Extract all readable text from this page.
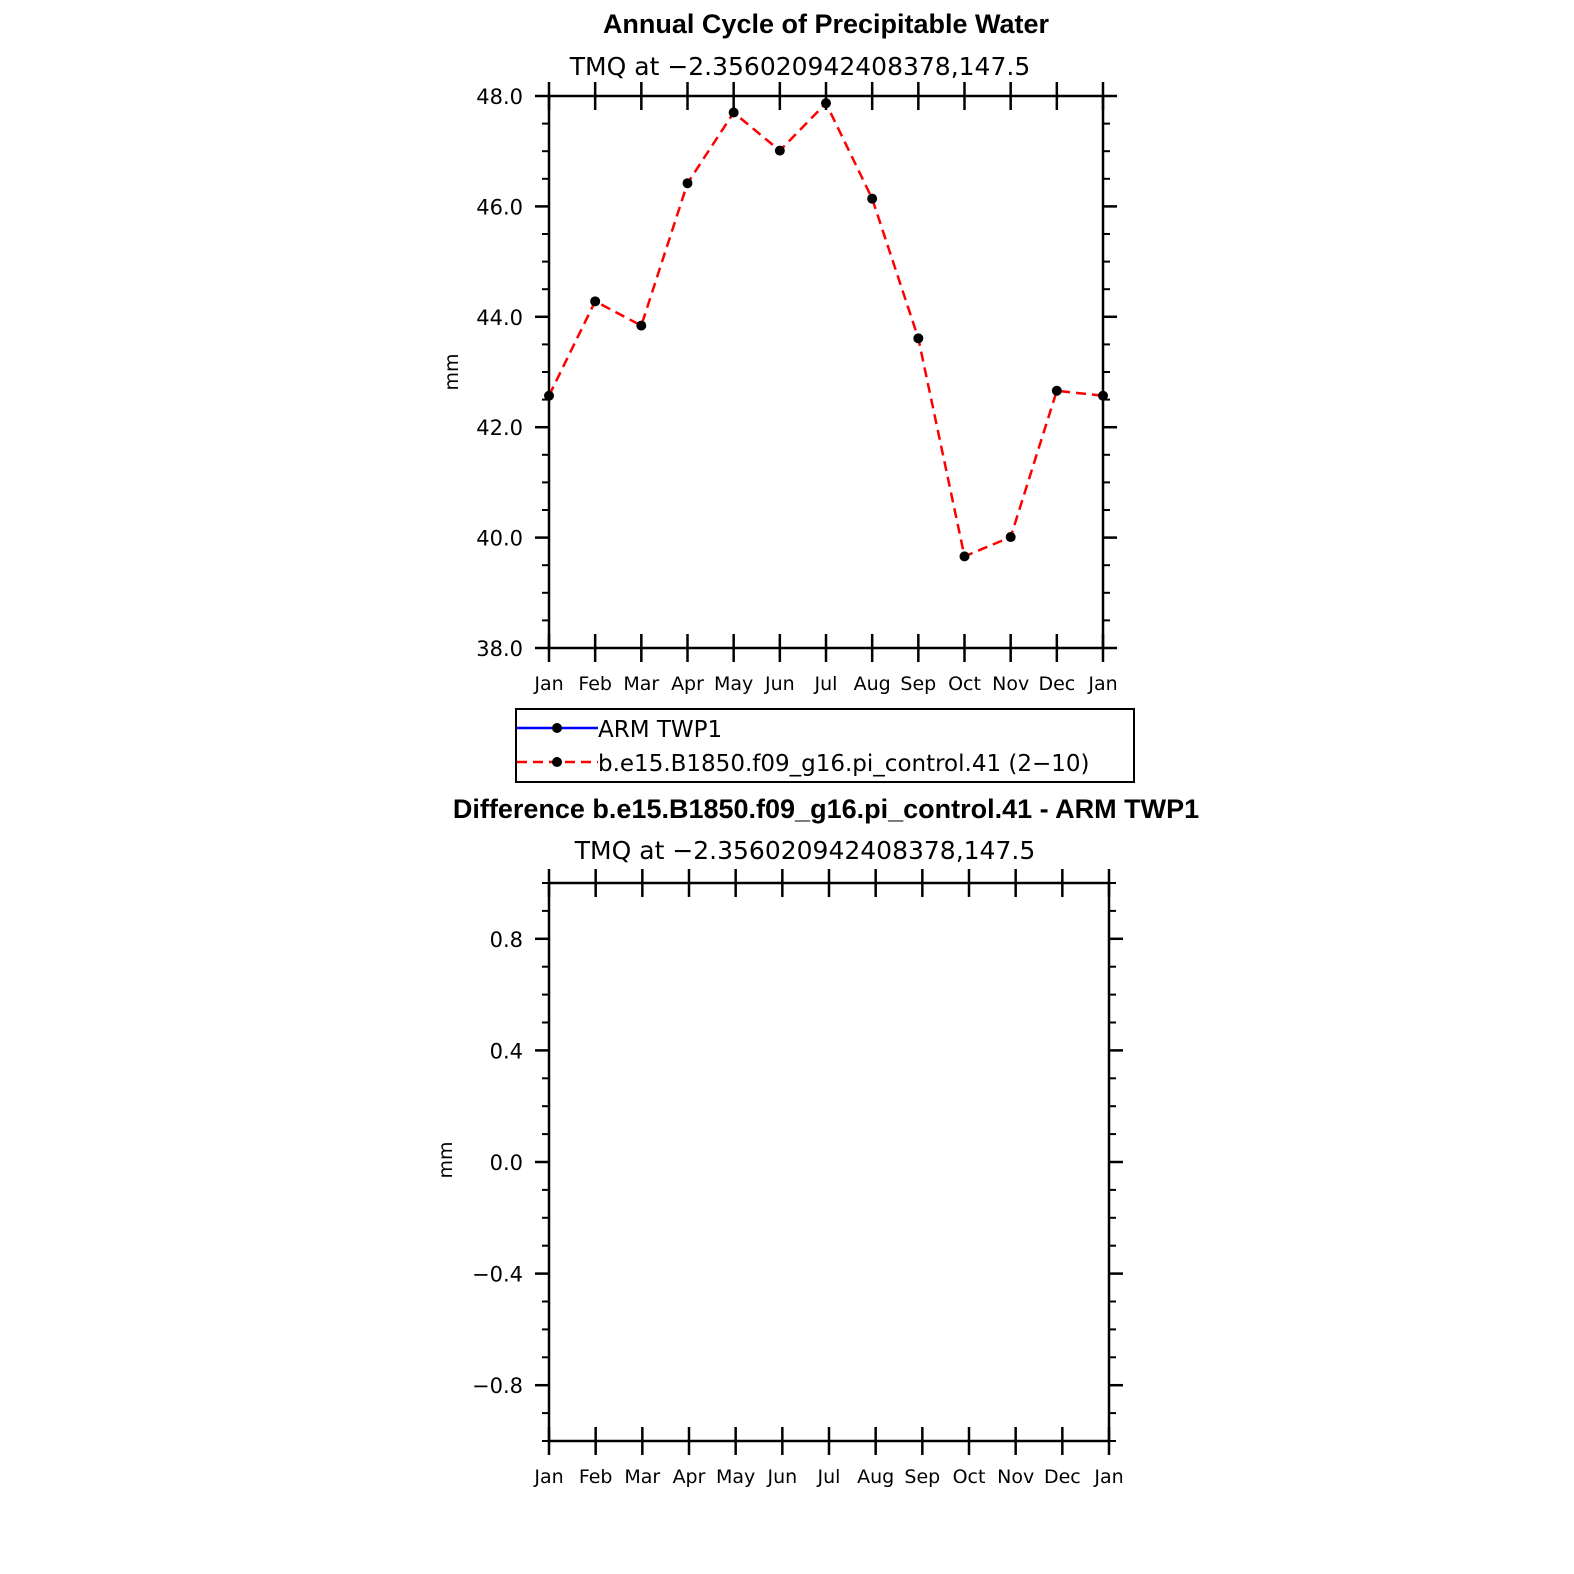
Annual Cycle of Precipitable Water
TMQ at −2.356020942408378,147.5
mm
Jan Feb Mar Apr May Jun Jul Aug Sep Oct Nov Dec Jan
38.0
40.0
42.0
44.0
46.0
48.0
ARM TWP1
b.e15.B1850.f09_g16.pi_control.41 (2−10)
Difference b.e15.B1850.f09_g16.pi_control.41 - ARM TWP1
TMQ at −2.356020942408378,147.5
mm
Jan Feb Mar Apr May Jun Jul Aug Sep Oct Nov Dec Jan
−0.8
−0.4
0.0
0.4
0.8
